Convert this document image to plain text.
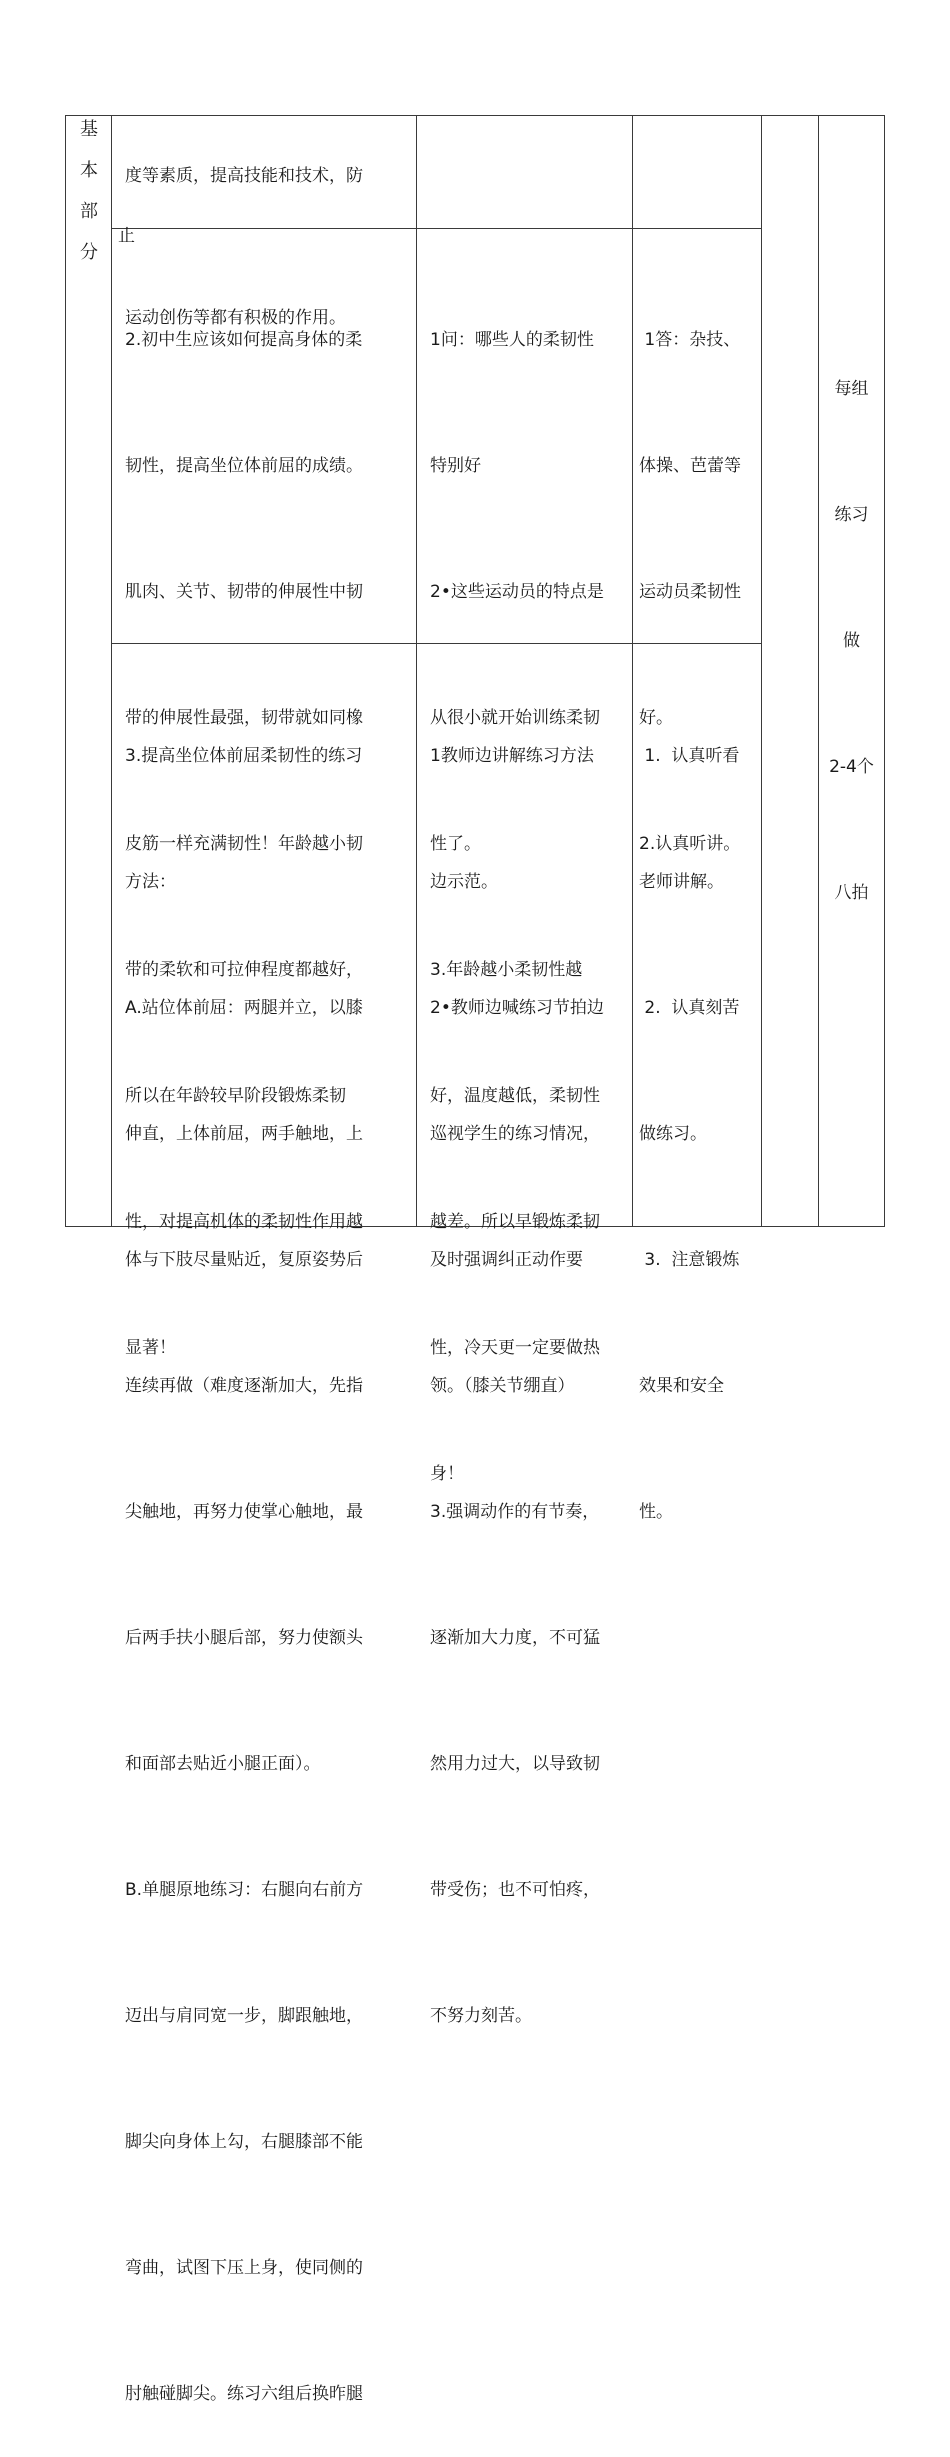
基
本
部
分

度等素质，提高技能和技术，防

止

运动创伤等都有积极的作用。

2.初中生应该如何提高身体的柔

韧性，提高坐位体前屈的成绩。

肌肉、关节、韧带的伸展性中韧

带的伸展性最强，韧带就如同橡

皮筋一样充满韧性！年龄越小韧

带的柔软和可拉伸程度都越好，

所以在年龄较早阶段锻炼柔韧

性，对提高机体的柔韧性作用越

显著！

1问：哪些人的柔韧性

特别好

2•这些运动员的特点是

从很小就开始训练柔韧

性了。

3.年龄越小柔韧性越

好，温度越低，柔韧性

越差。所以早锻炼柔韧

性，冷天更一定要做热

身！

1答：杂技、

体操、芭蕾等

运动员柔韧性

好。

2.认真听讲。

每组

练习

做

2-4个

八拍

3.提高坐位体前屈柔韧性的练习

方法：

A.站位体前屈：两腿并立，以膝

伸直，上体前屈，两手触地，上

体与下肢尽量贴近，复原姿势后

连续再做（难度逐渐加大，先指

尖触地，再努力使掌心触地，最

后两手扶小腿后部，努力使额头

和面部去贴近小腿正面）。

B.单腿原地练习：右腿向右前方

迈出与肩同宽一步，脚跟触地，

脚尖向身体上勾，右腿膝部不能

弯曲，试图下压上身，使同侧的

肘触碰脚尖。练习六组后换昨腿

1教师边讲解练习方法

边示范。

2•教师边喊练习节拍边

巡视学生的练习情况，

及时强调纠正动作要

领。（膝关节绷直）

3.强调动作的有节奏，

逐渐加大力度，不可猛

然用力过大，以导致韧

带受伤；也不可怕疼，

不努力刻苦。

1.  认真听看

老师讲解。

2.  认真刻苦

做练习。

3.  注意锻炼

效果和安全

性。
